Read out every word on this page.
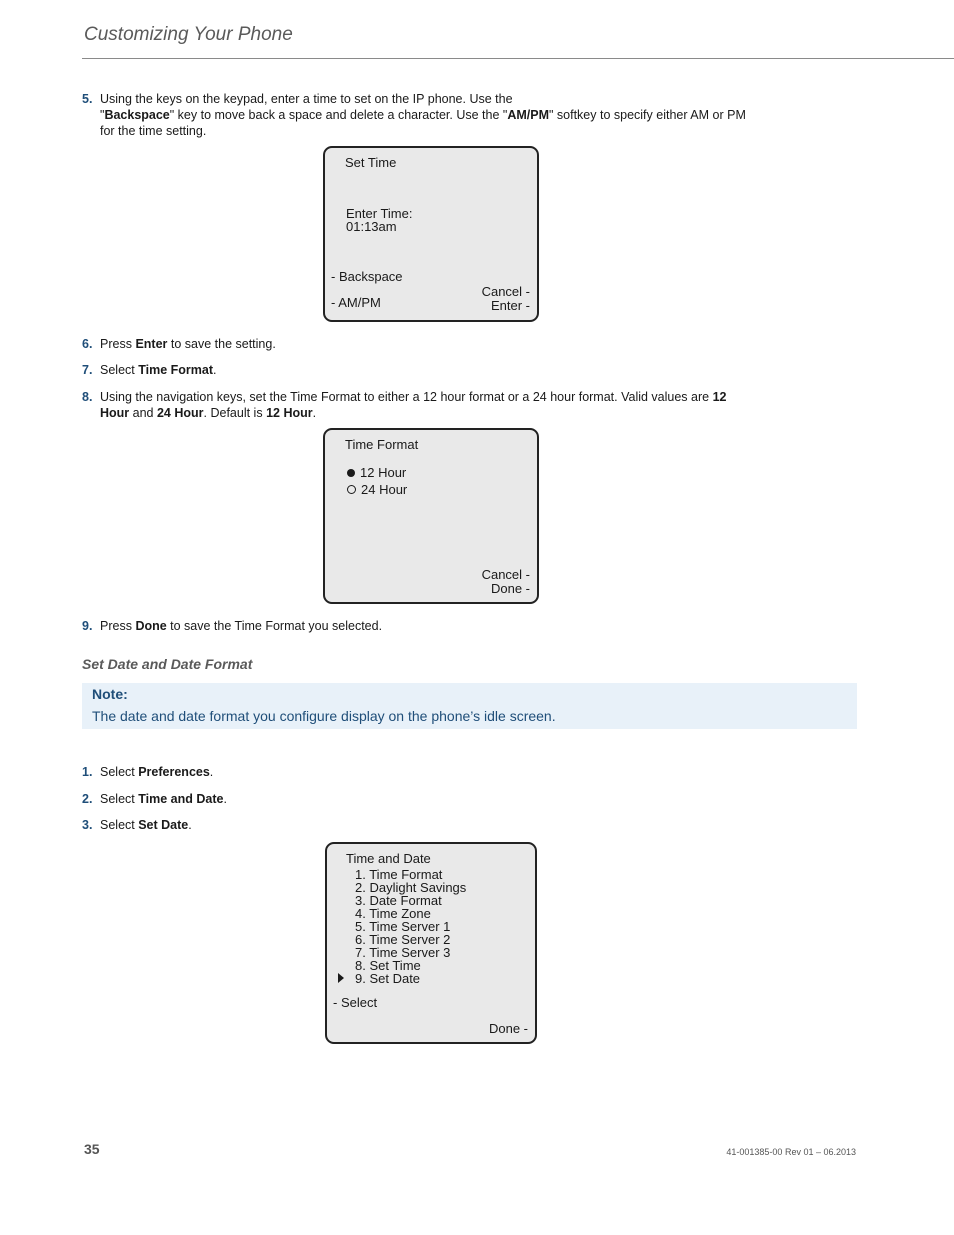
Customizing Your Phone
5. Using the keys on the keypad, enter a time to set on the IP phone. Use the
"Backspace" key to move back a space and delete a character. Use the "AM/PM" softkey to specify either AM or PM
for the time setting.
Set Time
Enter Time:
01:13am
- Backspace
- AM/PM
Cancel -
Enter -
6. Press Enter to save the setting.
7. Select Time Format.
8. Using the navigation keys, set the Time Format to either a 12 hour format or a 24 hour format. Valid values are 12
Hour and 24 Hour. Default is 12 Hour.
Time Format
12 Hour
24 Hour
Cancel -
Done -
9. Press Done to save the Time Format you selected.
Set Date and Date Format
Note:
The date and date format you configure display on the phone’s idle screen.
1. Select Preferences.
2. Select Time and Date.
3. Select Set Date.
Time and Date
1. Time Format
2. Daylight Savings
3. Date Format
4. Time Zone
5. Time Server 1
6. Time Server 2
7. Time Server 3
8. Set Time
9. Set Date
- Select
Done -
35	41-001385-00 Rev 01 – 06.2013
